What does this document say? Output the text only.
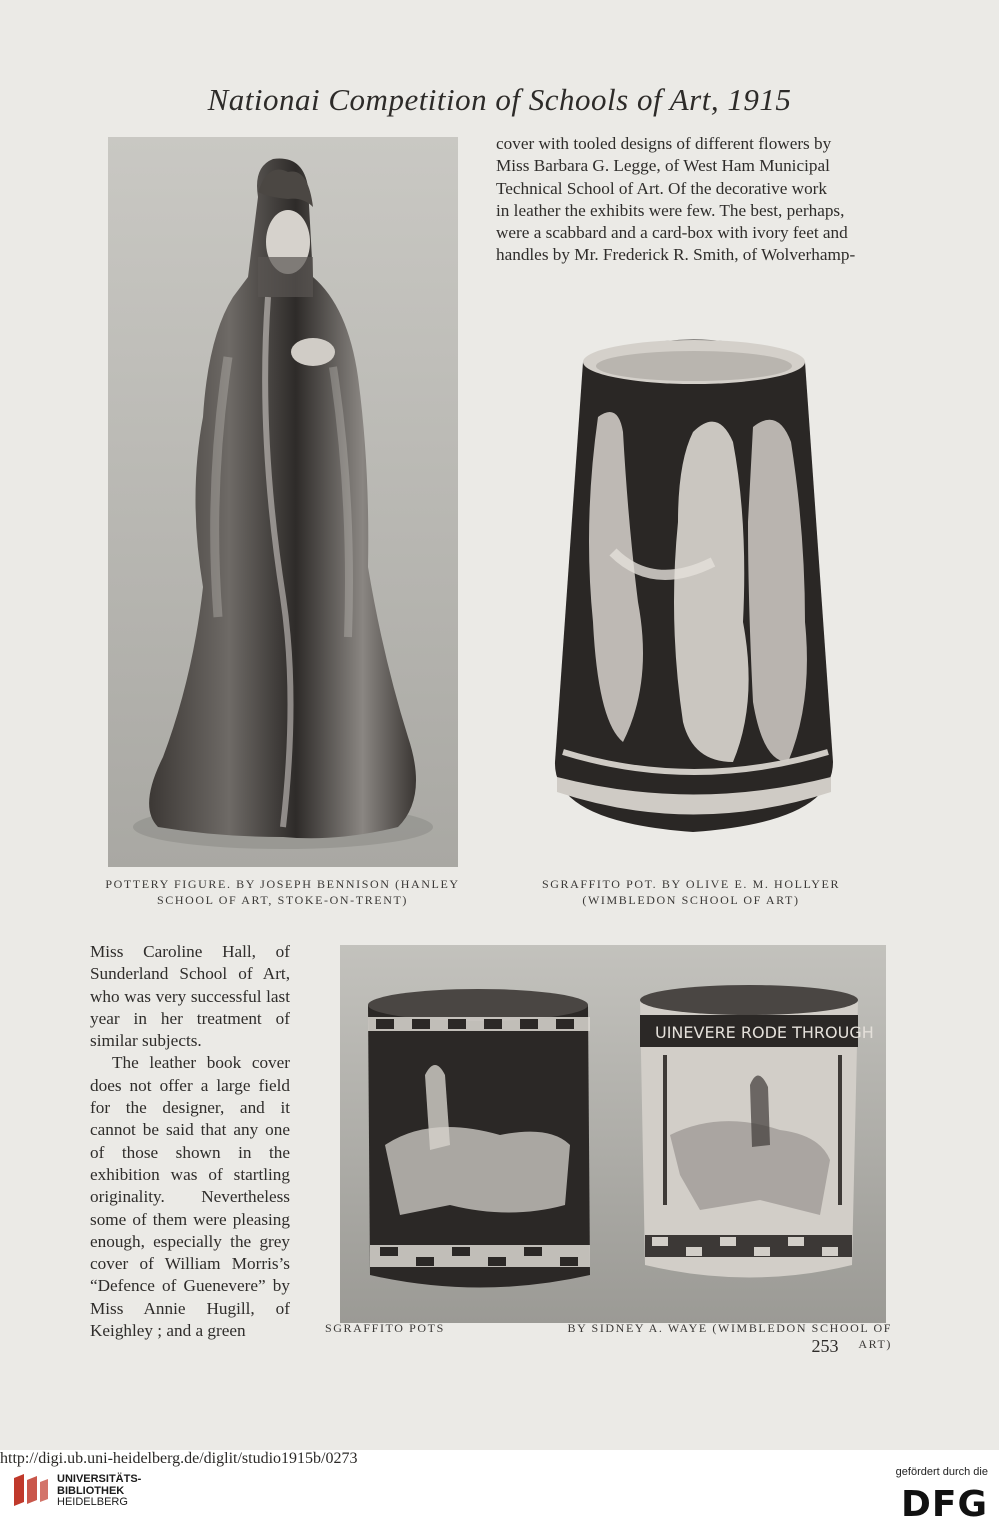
Nationai Competition of Schools of Art, 1915
POTTERY FIGURE. BY JOSEPH BENNISON (HANLEY
SCHOOL OF ART, STOKE-ON-TRENT)
cover with tooled designs of different flowers by
Miss Barbara G. Legge, of West Ham Municipal
Technical School of Art. Of the decorative work
in leather the exhibits were few. The best, perhaps,
were a scabbard and a card-box with ivory feet and
handles by Mr. Frederick R. Smith, of Wolverhamp-
SGRAFFITO POT. BY OLIVE E. M. HOLLYER
(WIMBLEDON SCHOOL OF ART)

Miss Caroline Hall, of Sunderland School of Art, who was very successful last year in her treatment of similar subjects.

The leather book cover does not offer a large field for the designer, and it cannot be said that any one of those shown in the exhibition was of startling originality. Nevertheless some of them were pleasing enough, especially the grey cover of William Morris’s “Defence of Guenevere” by Miss Annie Hugill, of Keighley ; and a green

UINEVERE RODE THROUGH
SGRAFFITO POTS	BY SIDNEY A. WAYE (WIMBLEDON SCHOOL OF ART)
253
http://digi.ub.uni-heidelberg.de/diglit/studio1915b/0273
UNIVERSITÄTS-
BIBLIOTHEK
HEIDELBERG
gefördert durch die
DFG
